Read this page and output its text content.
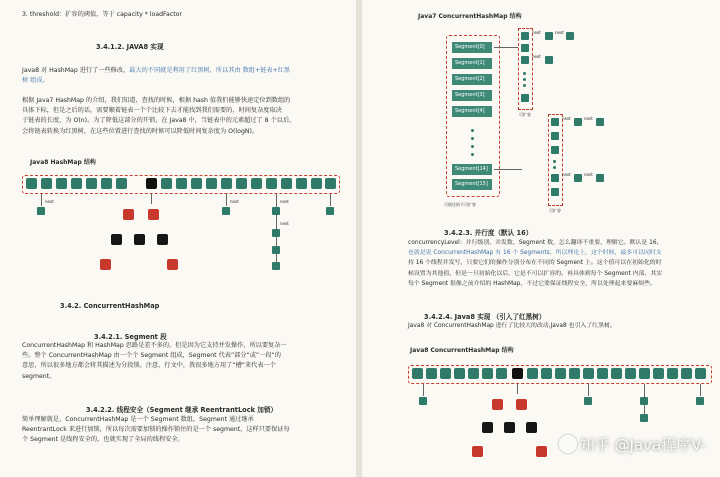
3. threshold：扩容的阈值，等于 capacity * loadFactor
3.4.1.2. JAVA8 实现
Java8 对 HashMap 进行了一些修改，最大的不同就是利用了红黑树，所以其由 数组+链表+红黑
树 组成。
根据 Java7 HashMap 的介绍，我们知道，查找的时候，根据 hash 值我们能够快速定位到数组的
具体下标，但是之后的话，需要顺着链表一个个比较下去才能找到我们需要的，时间复杂度取决
于链表的长度，为 O(n)。为了降低这部分的开销，在 Java8 中，当链表中的元素超过了 8 个以后，
会将链表转换为红黑树，在这些位置进行查找的时候可以降低时间复杂度为 O(logN)。
Java8 HashMap 结构
next	next	next
next
3.4.2. ConcurrentHashMap
3.4.2.1. Segment 段
ConcurrentHashMap 和 HashMap 思路是差不多的，但是因为它支持并发操作，所以要复杂一
些。整个 ConcurrentHashMap 由一个个 Segment 组成，Segment 代表”部分“或”一段“的
意思，所以很多地方都会将其描述为分段锁。注意，行文中，我很多地方用了“槽”来代表一个
segment。
3.4.2.2. 线程安全（Segment 继承 ReentrantLock 加锁）
简单理解就是，ConcurrentHashMap 是一个 Segment 数组，Segment 通过继承
ReentrantLock 来进行加锁，所以每次需要加锁的操作锁住的是一个 segment，这样只要保证每
个 Segment 是线程安全的，也就实现了全局的线程安全。
Java7 ConcurrentHashMap 结构
Segment[0]
Segment[1]
Segment[2]
Segment[3]
Segment[4]
Segment[14]
Segment[15]
可锁住的不可扩容
next	next
next
可扩容
next	next
next	next
可扩容
3.4.2.3. 并行度（默认 16）
concurrencyLevel：并行级别、并发数、Segment 数，怎么翻译不重要，理解它。默认是 16，
也就是说 ConcurrentHashMap 有 16 个 Segments，所以理论上，这个时候，最多可以同时支
持 16 个线程并发写，只要它们的操作分别分布在不同的 Segment 上。这个值可以在初始化的时
候设置为其他值，但是一旦初始化以后，它是不可以扩容的。再具体到每个 Segment 内部，其实
每个 Segment 很像之前介绍的 HashMap，不过它要保证线程安全，所以处理起来要麻烦些。
3.4.2.4. Java8 实现 （引入了红黑树）
Java8 对 ConcurrentHashMap 进行了比较大的改动,Java8 也引入了红黑树。
Java8 ConcurrentHashMap 结构
知乎 @Java程序V-
